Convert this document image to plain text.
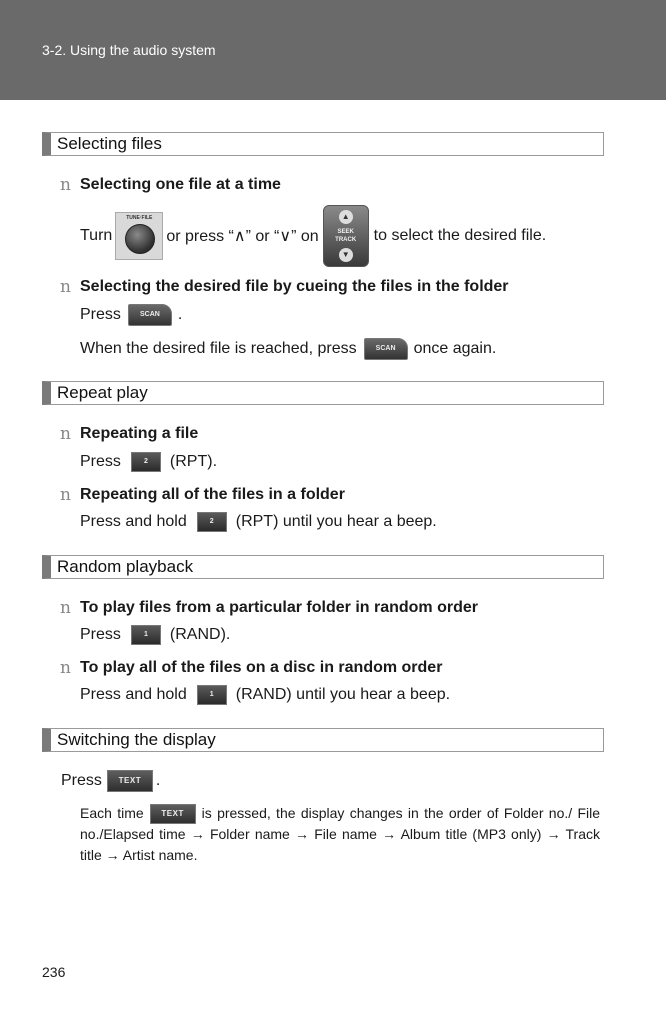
3-2. Using the audio system
Selecting files
n Selecting one file at a time
Turn
TUNE·FILE
or press “∧” or “∨” on
▲
SEEK
TRACK
▼
to select the desired file.
n Selecting the desired file by cueing the files in the folder
Press	SCAN	.
When the desired file is reached, press	SCAN	once again.
Repeat play
n Repeating a file
Press	2	(RPT).
n Repeating all of the files in a folder
Press and hold	2	(RPT) until you hear a beep.
Random playback
n To play files from a particular folder in random order
Press	1	(RAND).
n To play all of the files on a disc in random order
Press and hold	1	(RAND) until you hear a beep.
Switching the display
Press	TEXT .
Each time TEXT is pressed, the display changes in the order of Folder no./ File no./Elapsed time → Folder name → File name → Album title (MP3 only) → Track title → Artist name.
236
